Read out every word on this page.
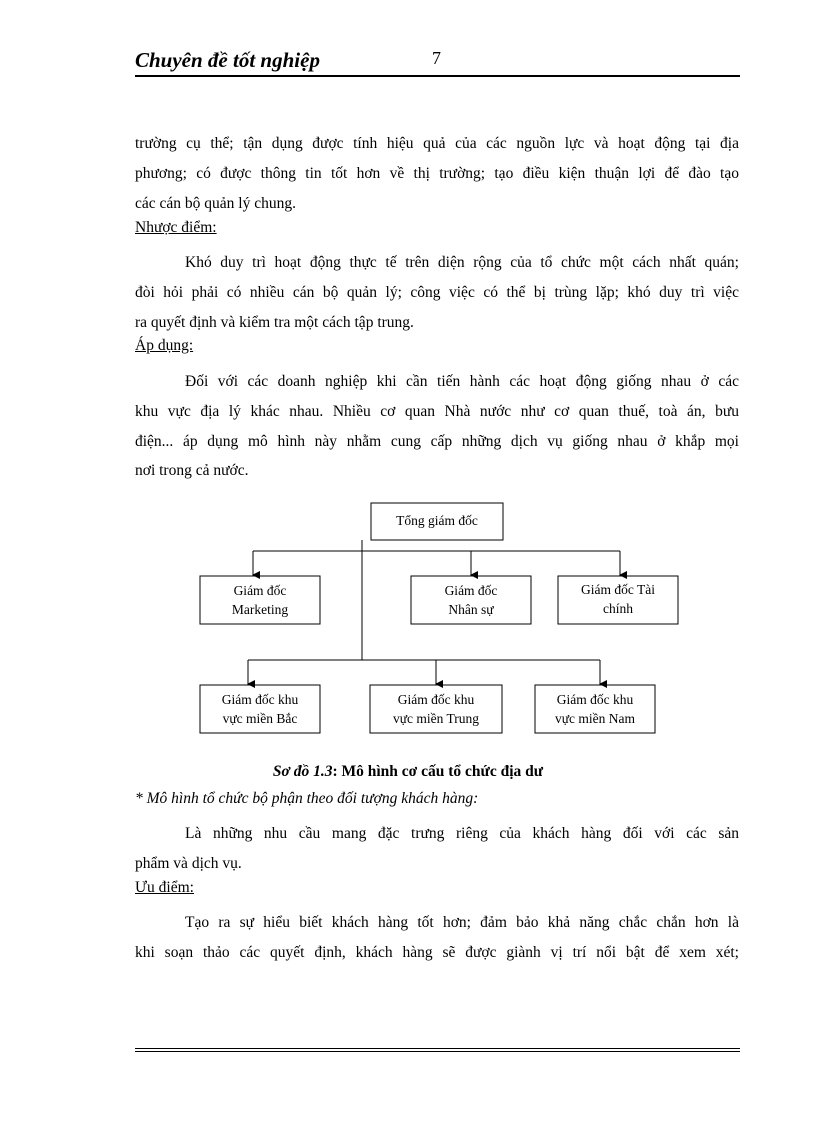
Chuyên đề tốt nghiệp	7
trường cụ thể; tận dụng được tính hiệu quả của các nguồn lực và hoạt động tại địa
phương; có được thông tin tốt hơn về thị trường; tạo điều kiện thuận lợi để đào tạo
các cán bộ quản lý chung.
Nhược điểm:
Khó duy trì hoạt động thực tế trên diện rộng của tổ chức một cách nhất quán;
đòi hỏi phải có nhiều cán bộ quản lý; công việc có thể bị trùng lặp; khó duy trì việc
ra quyết định và kiểm tra một cách tập trung.
Áp dụng:
Đối với các doanh nghiệp khi cần tiến hành các hoạt động giống nhau ở các
khu vực địa lý khác nhau. Nhiều cơ quan Nhà nước như cơ quan thuế, toà án, bưu
điện... áp dụng mô hình này nhằm cung cấp những dịch vụ giống nhau ở khắp mọi
nơi trong cả nước.
Tổng giám đốc
Giám đốc
Marketing
Giám đốc
Nhân sự
Giám đốc Tài
chính
Giám đốc khu
vực miền Bắc
Giám đốc khu
vực miền Trung
Giám đốc khu
vực miền Nam
Sơ đồ 1.3: Mô hình cơ cấu tổ chức địa dư
* Mô hình tổ chức bộ phận theo đối tượng khách hàng:
Là những nhu cầu mang đặc trưng riêng của khách hàng đối với các sản
phẩm và dịch vụ.
Ưu điểm:
Tạo ra sự hiểu biết khách hàng tốt hơn; đảm bảo khả năng chắc chắn hơn là
khi soạn thảo các quyết định, khách hàng sẽ được giành vị trí nổi bật để xem xét;
